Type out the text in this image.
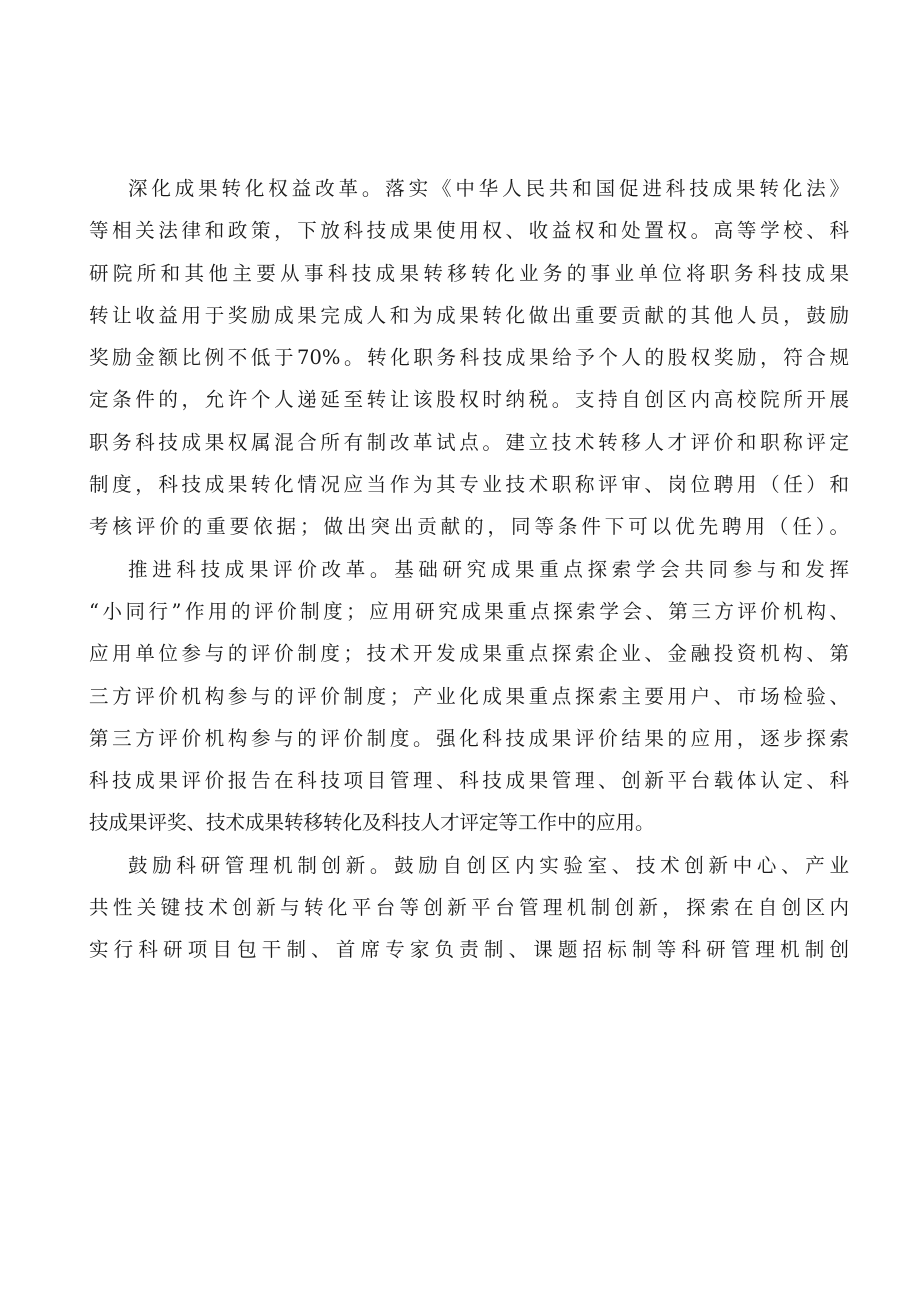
深化成果转化权益改革。落实《中华人民共和国促进科技成果转化法》
等相关法律和政策，下放科技成果使用权、收益权和处置权。高等学校、科
研院所和其他主要从事科技成果转移转化业务的事业单位将职务科技成果
转让收益用于奖励成果完成人和为成果转化做出重要贡献的其他人员，鼓励
奖励金额比例不低于70%。转化职务科技成果给予个人的股权奖励，符合规
定条件的，允许个人递延至转让该股权时纳税。支持自创区内高校院所开展
职务科技成果权属混合所有制改革试点。建立技术转移人才评价和职称评定
制度，科技成果转化情况应当作为其专业技术职称评审、岗位聘用（任）和
考核评价的重要依据；做出突出贡献的，同等条件下可以优先聘用（任）。
推进科技成果评价改革。基础研究成果重点探索学会共同参与和发挥
“小同行”作用的评价制度；应用研究成果重点探索学会、第三方评价机构、
应用单位参与的评价制度；技术开发成果重点探索企业、金融投资机构、第
三方评价机构参与的评价制度；产业化成果重点探索主要用户、市场检验、
第三方评价机构参与的评价制度。强化科技成果评价结果的应用，逐步探索
科技成果评价报告在科技项目管理、科技成果管理、创新平台载体认定、科
技成果评奖、技术成果转移转化及科技人才评定等工作中的应用。
鼓励科研管理机制创新。鼓励自创区内实验室、技术创新中心、产业
共性关键技术创新与转化平台等创新平台管理机制创新，探索在自创区内
实行科研项目包干制、首席专家负责制、课题招标制等科研管理机制创
